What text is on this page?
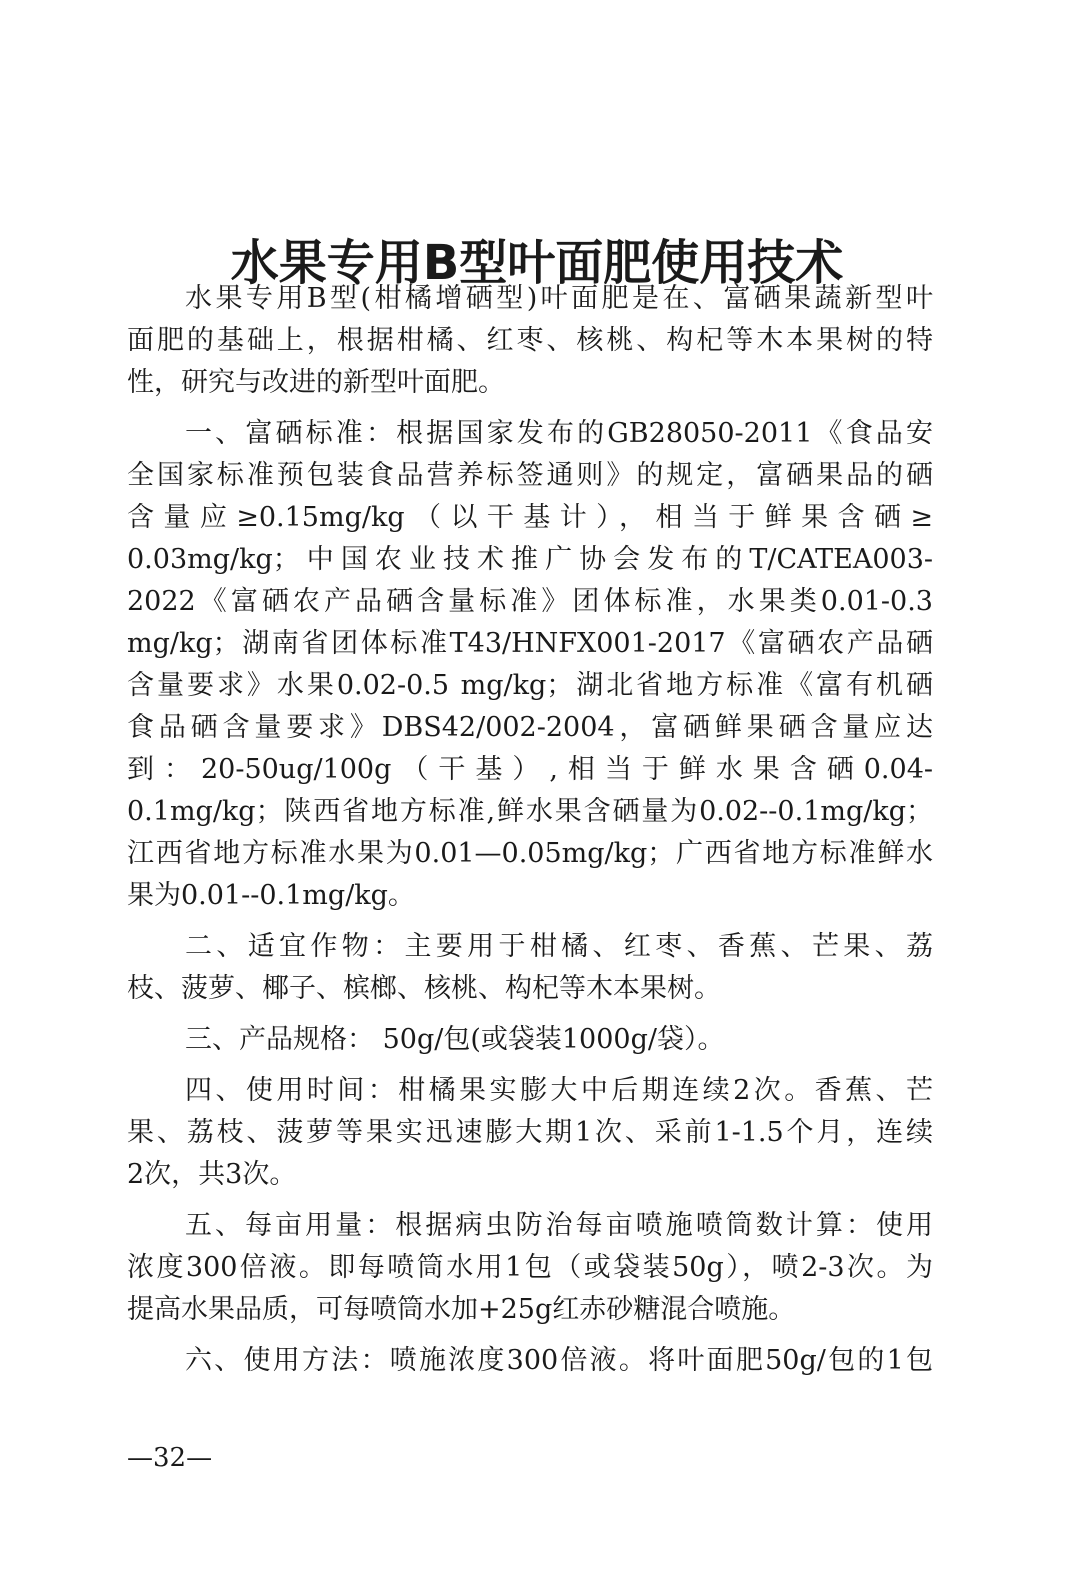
水果专用B型叶面肥使用技术
水果专用B型(柑橘增硒型)叶面肥是在、富硒果蔬新型叶
面肥的基础上，根据柑橘、红枣、核桃、构杞等木本果树的特
性，研究与改进的新型叶面肥。
一、富硒标准：根据国家发布的GB28050-2011《食品安
全国家标准预包装食品营养标签通则》的规定，富硒果品的硒
含量应≥0.15mg/kg（以干基计），相当于鲜果含硒≥
0.03mg/kg；中国农业技术推广协会发布的T/CATEA003-
2022《富硒农产品硒含量标准》团体标准，水果类0.01-0.3
mg/kg；湖南省团体标准T43/HNFX001-2017《富硒农产品硒
含量要求》水果0.02-0.5 mg/kg；湖北省地方标准《富有机硒
食品硒含量要求》DBS42/002-2004，富硒鲜果硒含量应达
到：20-50ug/100g（干基）,相当于鲜水果含硒0.04-
0.1mg/kg；陕西省地方标准,鲜水果含硒量为0.02--0.1mg/kg；
江西省地方标准水果为0.01—0.05mg/kg；广西省地方标准鲜水
果为0.01--0.1mg/kg。
二、适宜作物：主要用于柑橘、红枣、香蕉、芒果、荔
枝、菠萝、椰子、槟榔、核桃、构杞等木本果树。
三、产品规格： 50g/包(或袋装1000g/袋）。
四、使用时间：柑橘果实膨大中后期连续2次。香蕉、芒
果、荔枝、菠萝等果实迅速膨大期1次、采前1-1.5个月，连续
2次，共3次。
五、每亩用量：根据病虫防治每亩喷施喷筒数计算：使用
浓度300倍液。即每喷筒水用1包（或袋装50g），喷2-3次。为
提高水果品质，可每喷筒水加+25g红赤砂糖混合喷施。
六、使用方法：喷施浓度300倍液。将叶面肥50g/包的1包
—32—
